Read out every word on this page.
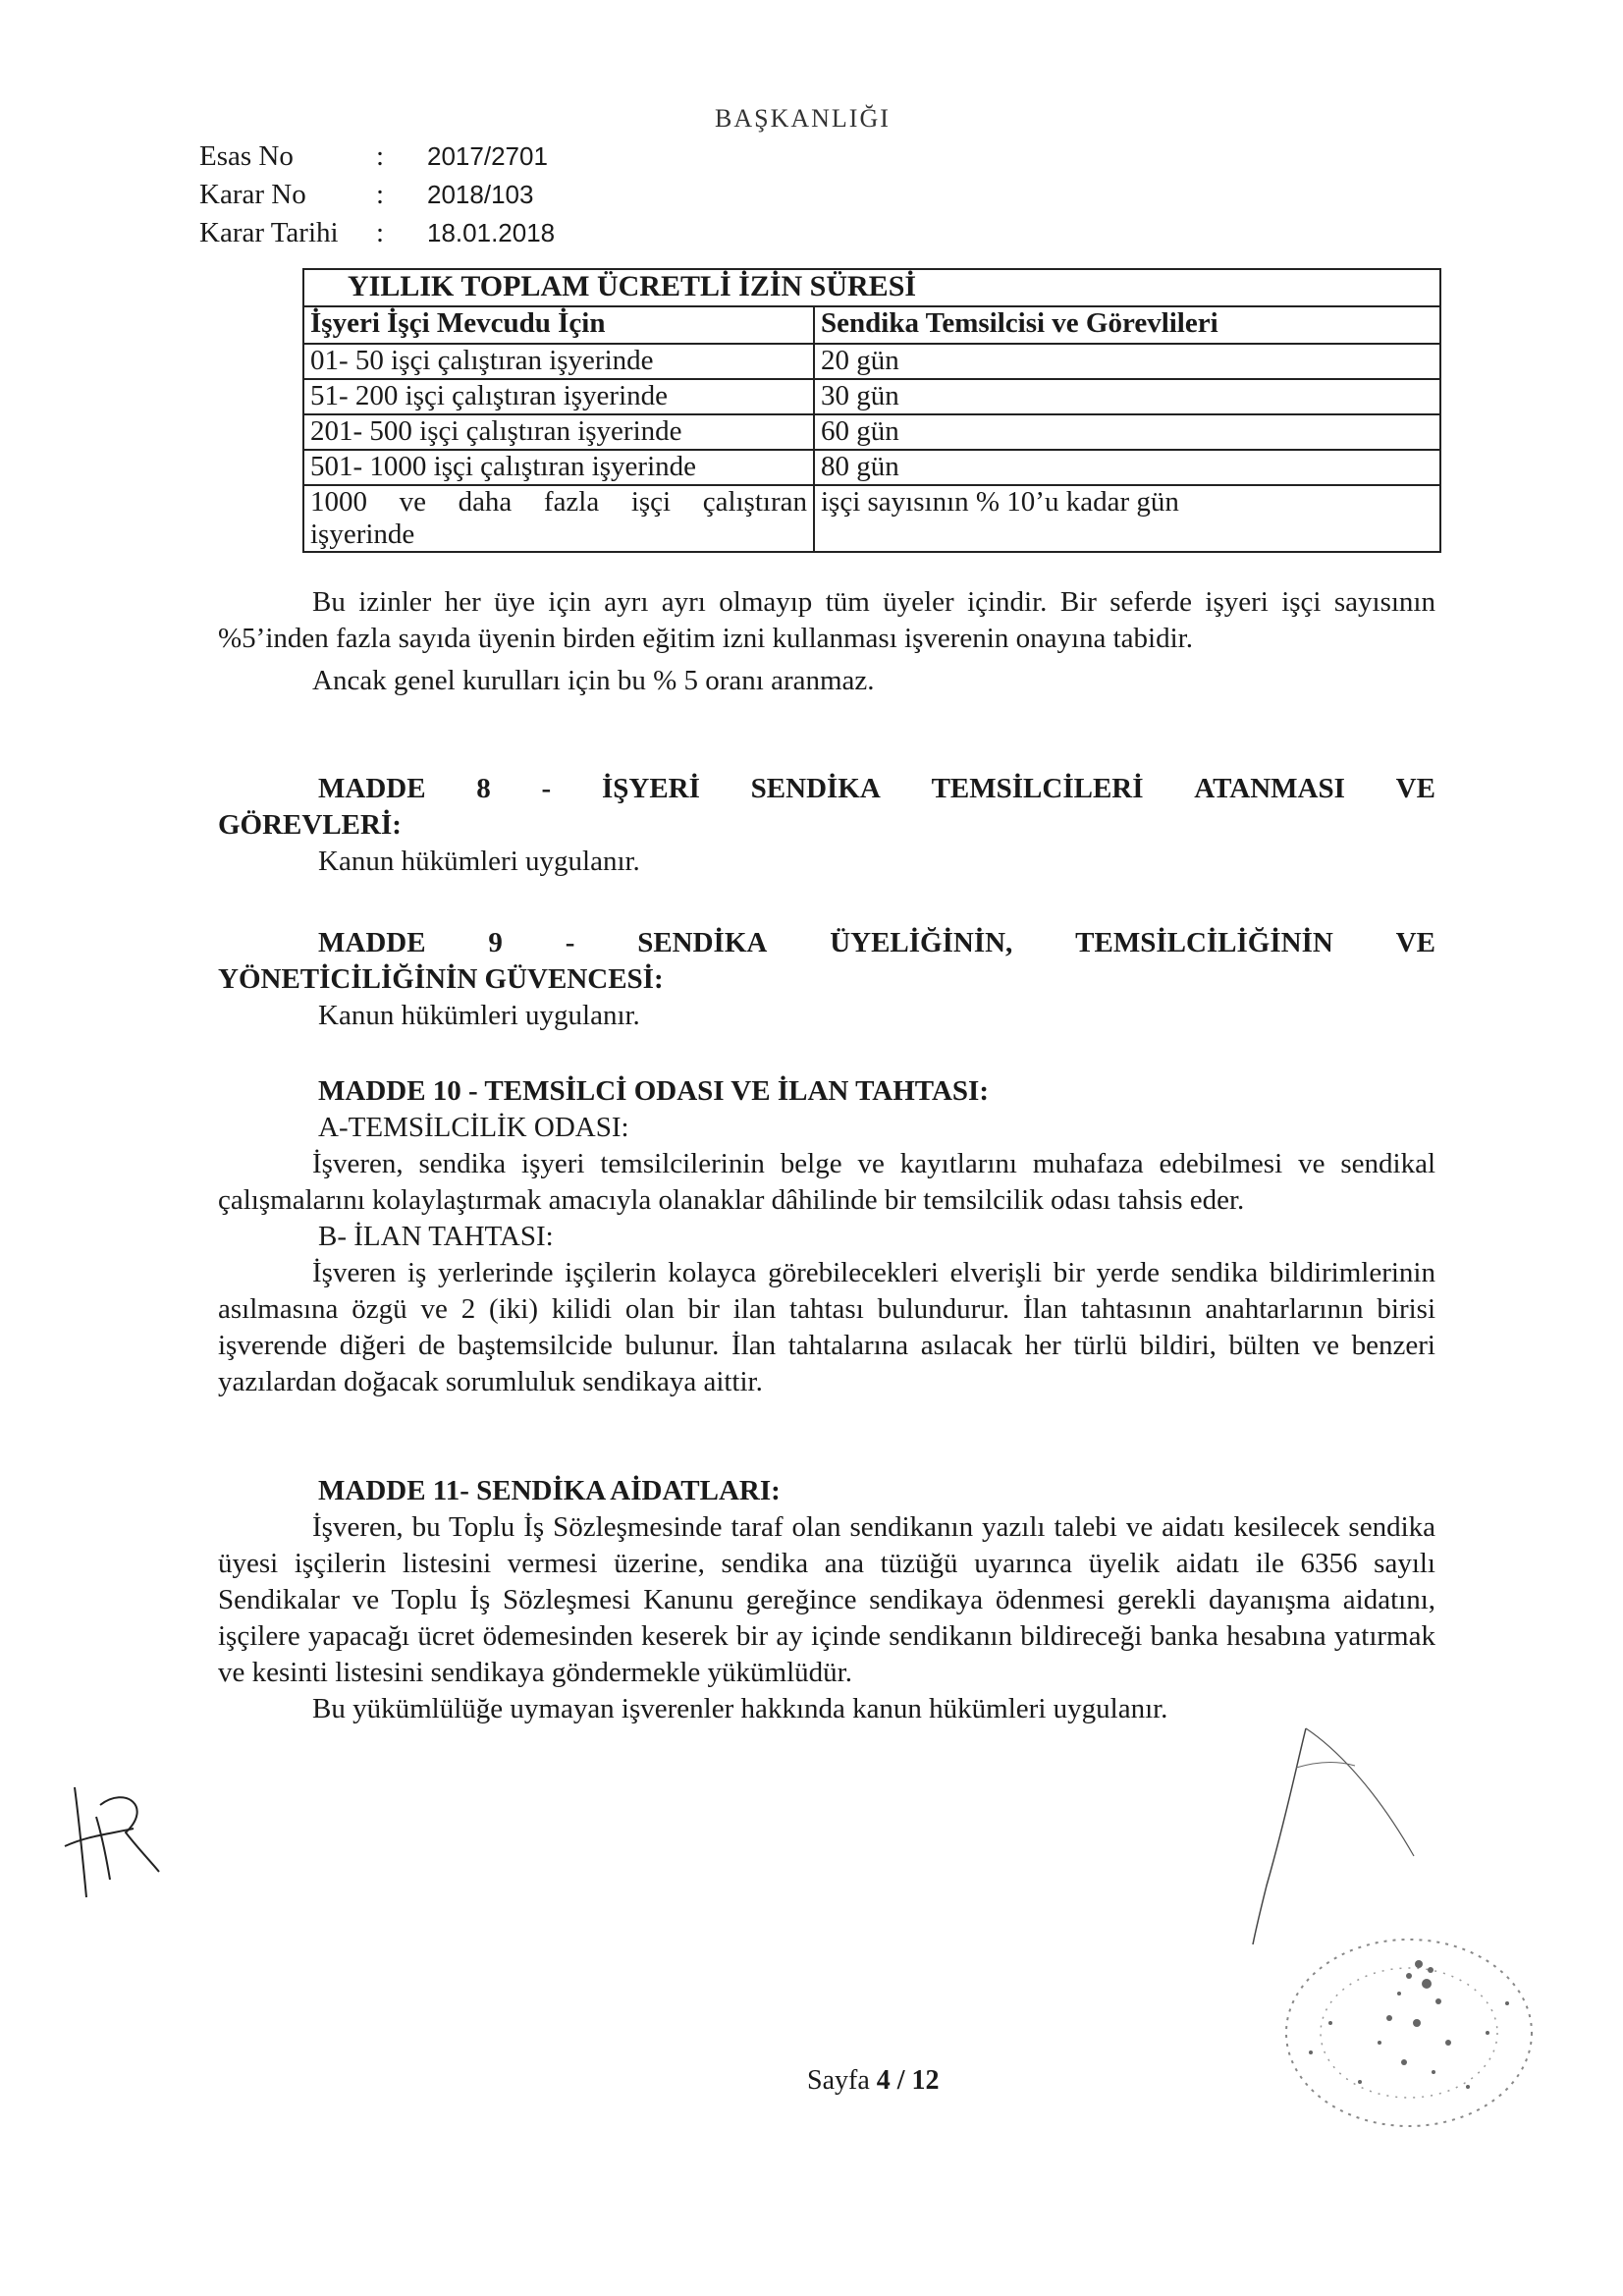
BAŞKANLIĞI
Esas No	:	2017/2701
Karar No	:	2018/103
Karar Tarihi	:	18.01.2018
YILLIK TOPLAM ÜCRETLİ İZİN SÜRESİ	
İşyeri İşçi Mevcudu İçin	Sendika Temsilcisi ve Görevlileri
01- 50 işçi çalıştıran işyerinde	20 gün
51- 200 işçi çalıştıran işyerinde	30 gün
201- 500 işçi çalıştıran işyerinde	60 gün
501- 1000 işçi çalıştıran işyerinde	80 gün

1000 ve daha fazla işçi çalıştıran
işyerinde	işçi sayısının % 10’u kadar gün

Bu izinler her üye için ayrı ayrı olmayıp tüm üyeler içindir. Bir seferde işyeri işçi sayısının %5’inden fazla sayıda üyenin birden eğitim izni kullanması işverenin onayına tabidir.

Ancak genel kurulları için bu % 5 oranı aranmaz.

MADDE 8 - İŞYERİ SENDİKA TEMSİLCİLERİ ATANMASI VE

GÖREVLERİ:

Kanun hükümleri uygulanır.

MADDE 9 - SENDİKA ÜYELİĞİNİN, TEMSİLCİLİĞİNİN VE

YÖNETİCİLİĞİNİN GÜVENCESİ:

Kanun hükümleri uygulanır.

MADDE 10 - TEMSİLCİ ODASI VE İLAN TAHTASI:

A-TEMSİLCİLİK ODASI:

İşveren, sendika işyeri temsilcilerinin belge ve kayıtlarını muhafaza edebilmesi ve sendikal çalışmalarını kolaylaştırmak amacıyla olanaklar dâhilinde bir temsilcilik odası tahsis eder.

B- İLAN TAHTASI:

İşveren iş yerlerinde işçilerin kolayca görebilecekleri elverişli bir yerde sendika bildirimlerinin asılmasına özgü ve 2 (iki) kilidi olan bir ilan tahtası bulundurur. İlan tahtasının anahtarlarının birisi işverende diğeri de baştemsilcide bulunur. İlan tahtalarına asılacak her türlü bildiri, bülten ve benzeri yazılardan doğacak sorumluluk sendikaya aittir.

MADDE 11- SENDİKA AİDATLARI:

İşveren, bu Toplu İş Sözleşmesinde taraf olan sendikanın yazılı talebi ve aidatı kesilecek sendika üyesi işçilerin listesini vermesi üzerine, sendika ana tüzüğü uyarınca üyelik aidatı ile 6356 sayılı Sendikalar ve Toplu İş Sözleşmesi Kanunu gereğince sendikaya ödenmesi gerekli dayanışma aidatını, işçilere yapacağı ücret ödemesinden keserek bir ay içinde sendikanın bildireceği banka hesabına yatırmak ve kesinti listesini sendikaya göndermekle yükümlüdür.

Bu yükümlülüğe uymayan işverenler hakkında kanun hükümleri uygulanır.

Sayfa 4 / 12
